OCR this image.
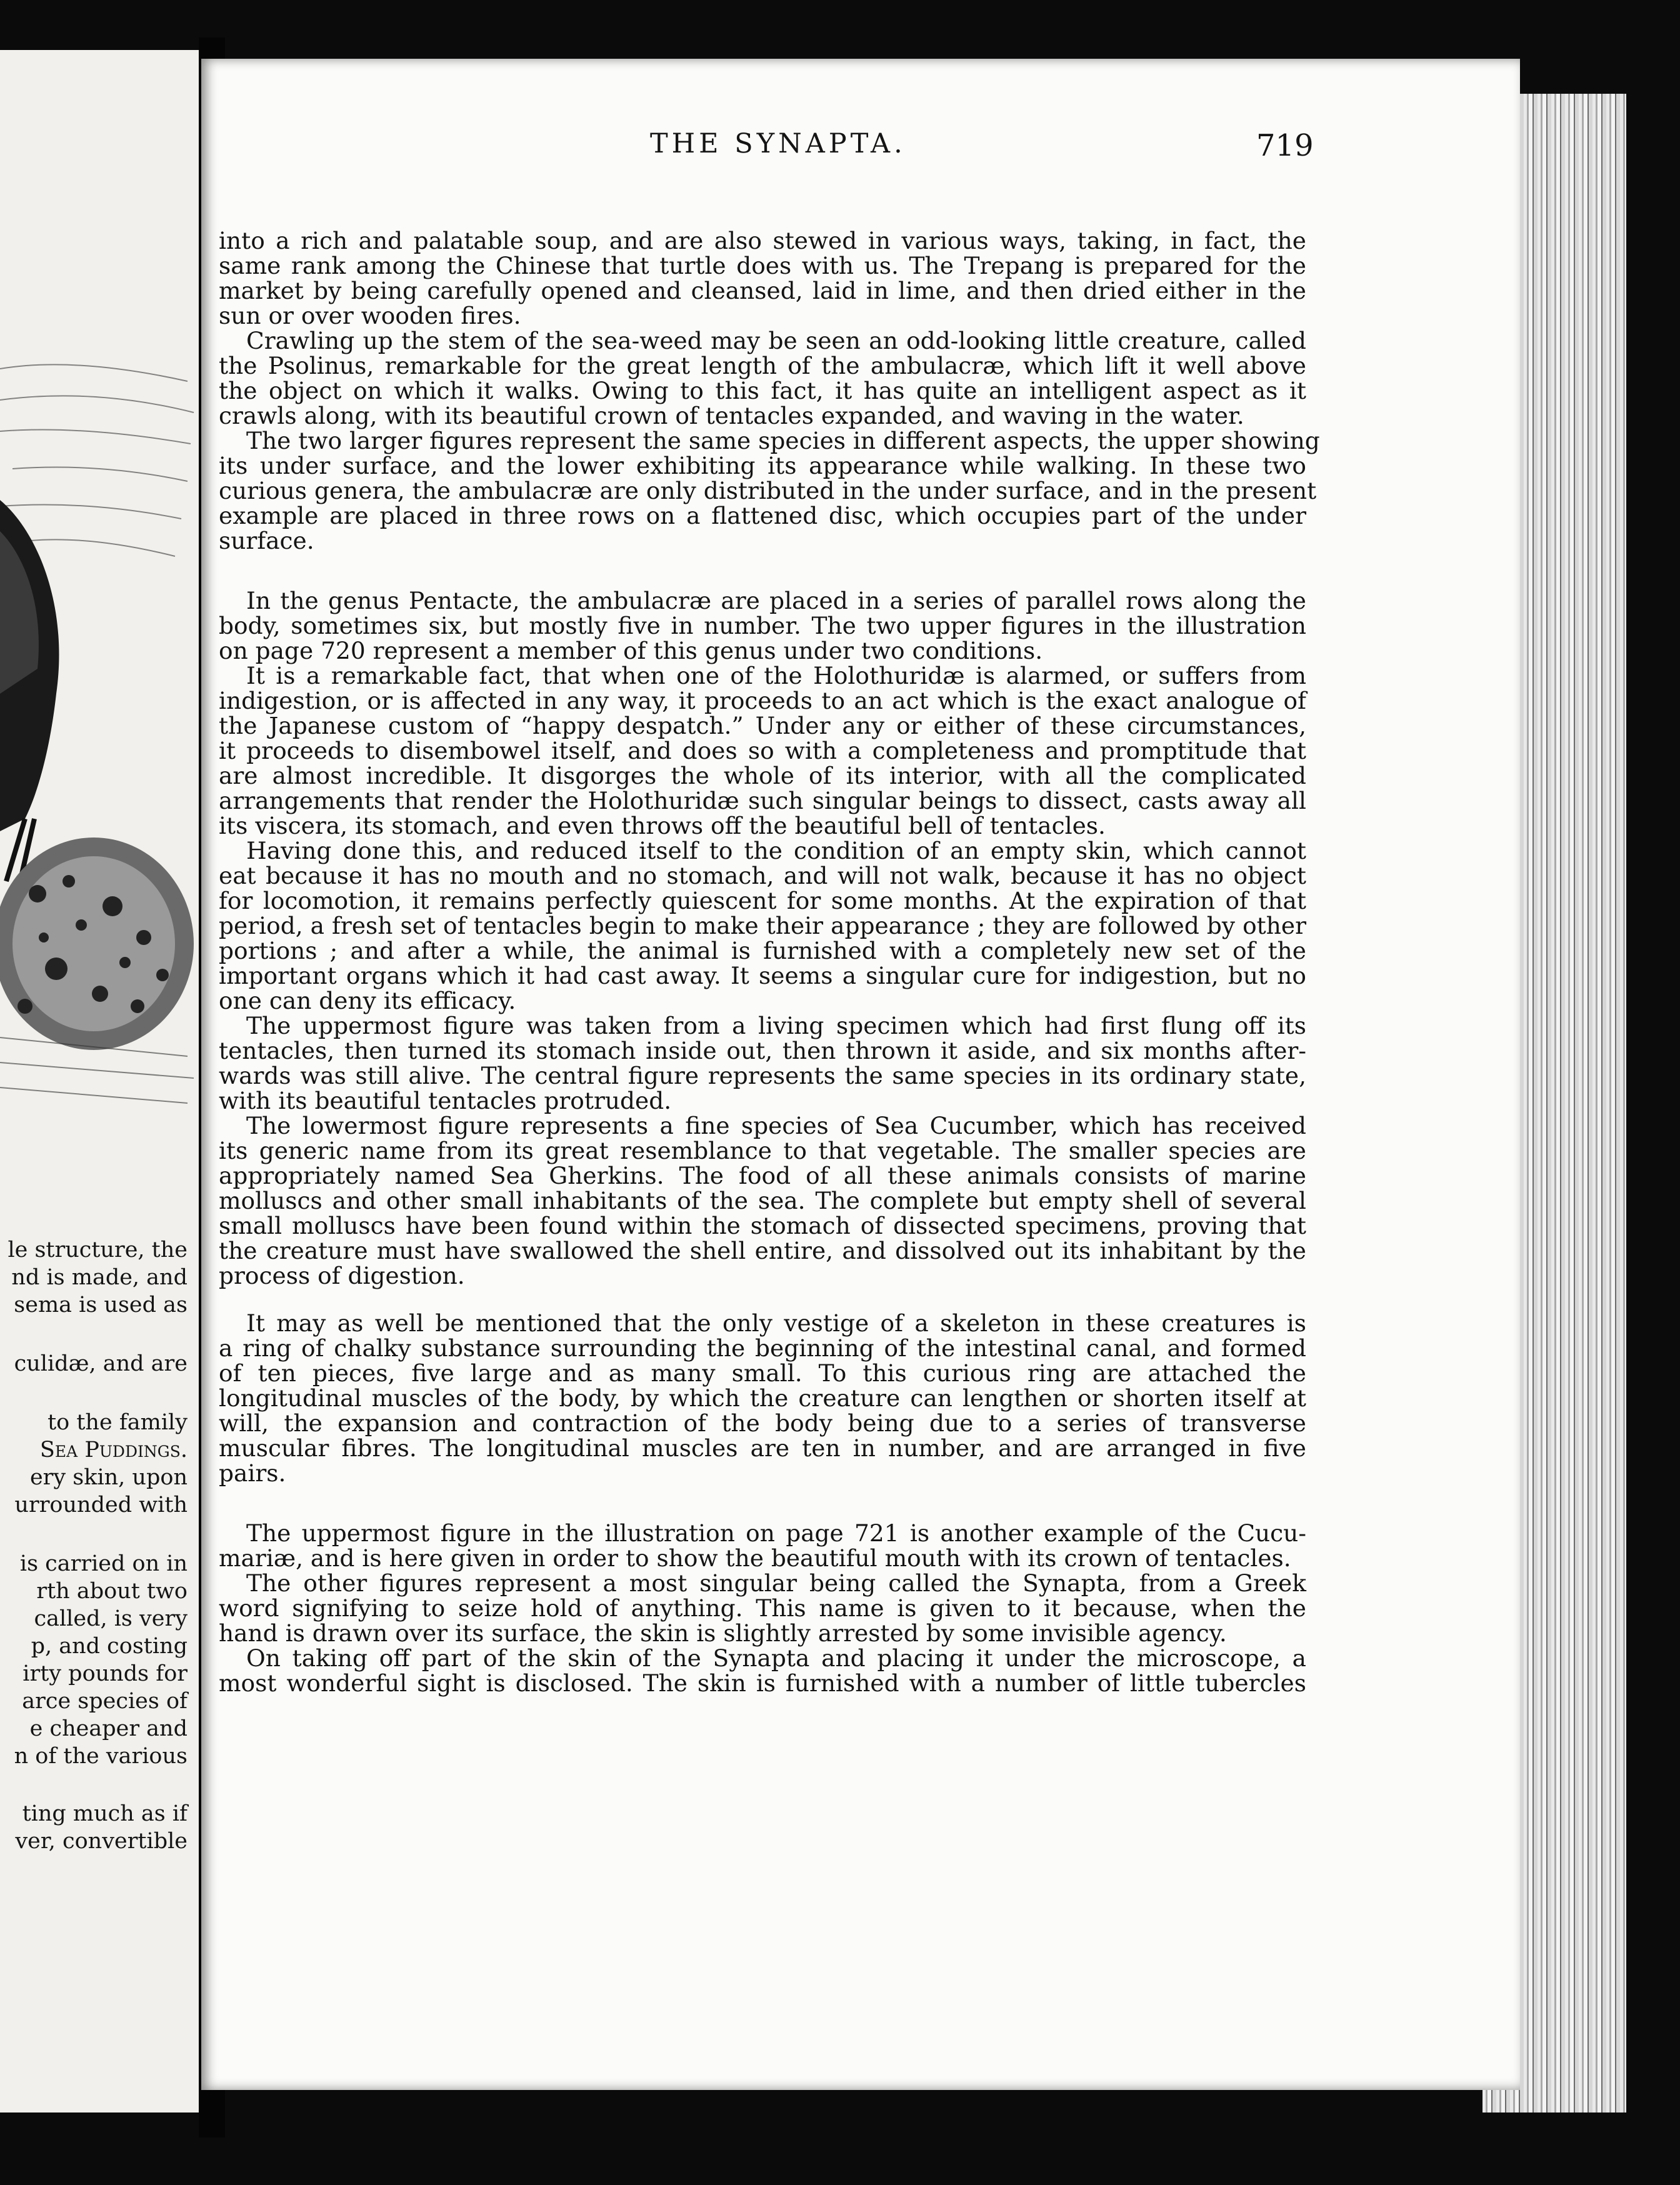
le structure, the
nd is made, and
sema is used as
culidæ, and are
to the family
Sea Puddings.
ery skin, upon
urrounded with
is carried on in
rth about two
called, is very
p, and costing
irty pounds for
arce species of
e cheaper and
n of the various
ting much as if
ver, convertible
THE SYNAPTA.	719
into a rich and palatable soup, and are also stewed in various ways, taking, in fact, the
same rank among the Chinese that turtle does with us. The Trepang is prepared for the
market by being carefully opened and cleansed, laid in lime, and then dried either in the
sun or over wooden fires.
Crawling up the stem of the sea-weed may be seen an odd-looking little creature, called
the Psolinus, remarkable for the great length of the ambulacræ, which lift it well above
the object on which it walks. Owing to this fact, it has quite an intelligent aspect as it
crawls along, with its beautiful crown of tentacles expanded, and waving in the water.
The two larger figures represent the same species in different aspects, the upper showing
its under surface, and the lower exhibiting its appearance while walking. In these two
curious genera, the ambulacræ are only distributed in the under surface, and in the present
example are placed in three rows on a flattened disc, which occupies part of the under
surface.
In the genus Pentacte, the ambulacræ are placed in a series of parallel rows along the
body, sometimes six, but mostly five in number. The two upper figures in the illustration
on page 720 represent a member of this genus under two conditions.
It is a remarkable fact, that when one of the Holothuridæ is alarmed, or suffers from
indigestion, or is affected in any way, it proceeds to an act which is the exact analogue of
the Japanese custom of “happy despatch.” Under any or either of these circumstances,
it proceeds to disembowel itself, and does so with a completeness and promptitude that
are almost incredible. It disgorges the whole of its interior, with all the complicated
arrangements that render the Holothuridæ such singular beings to dissect, casts away all
its viscera, its stomach, and even throws off the beautiful bell of tentacles.
Having done this, and reduced itself to the condition of an empty skin, which cannot
eat because it has no mouth and no stomach, and will not walk, because it has no object
for locomotion, it remains perfectly quiescent for some months. At the expiration of that
period, a fresh set of tentacles begin to make their appearance ; they are followed by other
portions ; and after a while, the animal is furnished with a completely new set of the
important organs which it had cast away. It seems a singular cure for indigestion, but no
one can deny its efficacy.
The uppermost figure was taken from a living specimen which had first flung off its
tentacles, then turned its stomach inside out, then thrown it aside, and six months after-
wards was still alive. The central figure represents the same species in its ordinary state,
with its beautiful tentacles protruded.
The lowermost figure represents a fine species of Sea Cucumber, which has received
its generic name from its great resemblance to that vegetable. The smaller species are
appropriately named Sea Gherkins. The food of all these animals consists of marine
molluscs and other small inhabitants of the sea. The complete but empty shell of several
small molluscs have been found within the stomach of dissected specimens, proving that
the creature must have swallowed the shell entire, and dissolved out its inhabitant by the
process of digestion.
It may as well be mentioned that the only vestige of a skeleton in these creatures is
a ring of chalky substance surrounding the beginning of the intestinal canal, and formed
of ten pieces, five large and as many small. To this curious ring are attached the
longitudinal muscles of the body, by which the creature can lengthen or shorten itself at
will, the expansion and contraction of the body being due to a series of transverse
muscular fibres. The longitudinal muscles are ten in number, and are arranged in five
pairs.
The uppermost figure in the illustration on page 721 is another example of the Cucu-
mariæ, and is here given in order to show the beautiful mouth with its crown of tentacles.
The other figures represent a most singular being called the Synapta, from a Greek
word signifying to seize hold of anything. This name is given to it because, when the
hand is drawn over its surface, the skin is slightly arrested by some invisible agency.
On taking off part of the skin of the Synapta and placing it under the microscope, a
most wonderful sight is disclosed. The skin is furnished with a number of little tubercles
